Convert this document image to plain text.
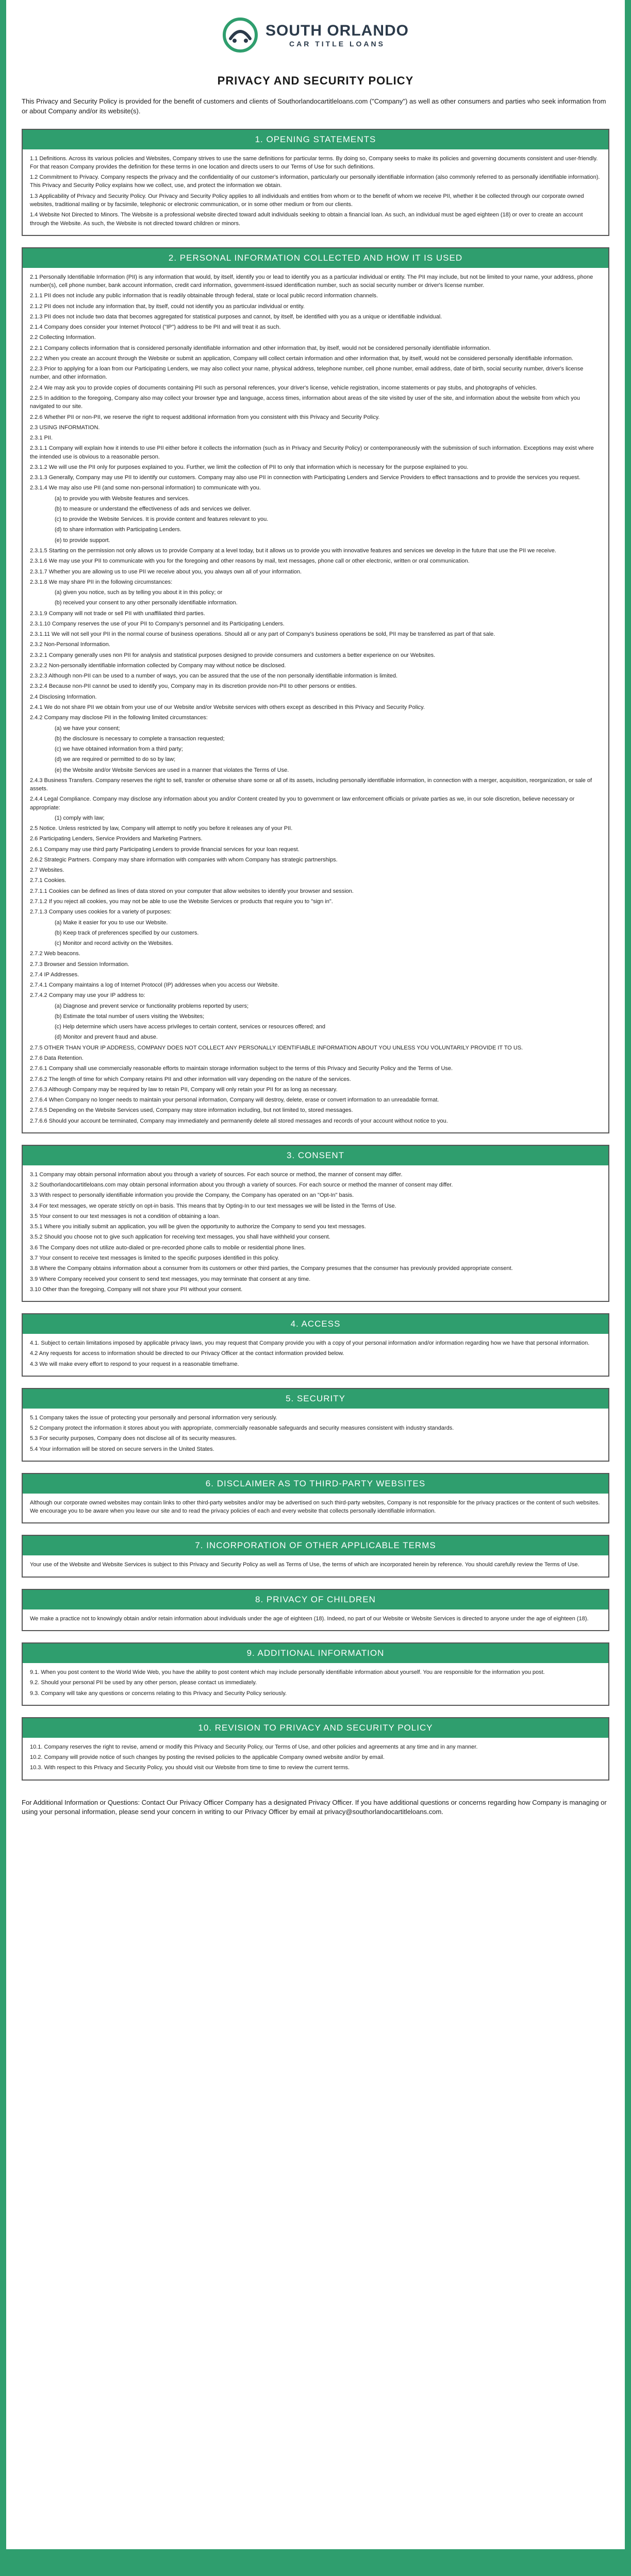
SOUTH ORLANDO
CAR TITLE LOANS
PRIVACY AND SECURITY POLICY

This Privacy and Security Policy is provided for the benefit of customers and clients of Southorlandocartitleloans.com ("Company") as well as other consumers and parties who seek information from or about Company and/or its website(s).

1. OPENING STATEMENTS

1.1 Definitions. Across its various policies and Websites, Company strives to use the same definitions for particular terms. By doing so, Company seeks to make its policies and governing documents consistent and user-friendly. For that reason Company provides the definition for these terms in one location and directs users to our Terms of Use for such definitions.

1.2 Commitment to Privacy. Company respects the privacy and the confidentiality of our customer's information, particularly our personally identifiable information (also commonly referred to as personally identifiable information). This Privacy and Security Policy explains how we collect, use, and protect the information we obtain.

1.3 Applicability of Privacy and Security Policy. Our Privacy and Security Policy applies to all individuals and entities from whom or to the benefit of whom we receive PII, whether it be collected through our corporate owned websites, traditional mailing or by facsimile, telephonic or electronic communication, or in some other medium or from our clients.

1.4 Website Not Directed to Minors. The Website is a professional website directed toward adult individuals seeking to obtain a financial loan. As such, an individual must be aged eighteen (18) or over to create an account through the Website. As such, the Website is not directed toward children or minors.

2. PERSONAL INFORMATION COLLECTED AND HOW IT IS USED

2.1 Personally Identifiable Information (PII) is any information that would, by itself, identify you or lead to identify you as a particular individual or entity. The PII may include, but not be limited to your name, your address, phone number(s), cell phone number, bank account information, credit card information, government-issued identification number, such as social security number or driver's license number.

2.1.1 PII does not include any public information that is readily obtainable through federal, state or local public record information channels.

2.1.2 PII does not include any information that, by itself, could not identify you as particular individual or entity.

2.1.3 PII does not include two data that becomes aggregated for statistical purposes and cannot, by itself, be identified with you as a unique or identifiable individual.

2.1.4 Company does consider your Internet Protocol ("IP") address to be PII and will treat it as such.

2.2 Collecting Information.

2.2.1 Company collects information that is considered personally identifiable information and other information that, by itself, would not be considered personally identifiable information.

2.2.2 When you create an account through the Website or submit an application, Company will collect certain information and other information that, by itself, would not be considered personally identifiable information.

2.2.3 Prior to applying for a loan from our Participating Lenders, we may also collect your name, physical address, telephone number, cell phone number, email address, date of birth, social security number, driver's license number, and other information.

2.2.4 We may ask you to provide copies of documents containing PII such as personal references, your driver's license, vehicle registration, income statements or pay stubs, and photographs of vehicles.

2.2.5 In addition to the foregoing, Company also may collect your browser type and language, access times, information about areas of the site visited by user of the site, and information about the website from which you navigated to our site.

2.2.6 Whether PII or non-PII, we reserve the right to request additional information from you consistent with this Privacy and Security Policy.

2.3 USING INFORMATION.

2.3.1 PII.

2.3.1.1 Company will explain how it intends to use PII either before it collects the information (such as in Privacy and Security Policy) or contemporaneously with the submission of such information. Exceptions may exist where the intended use is obvious to a reasonable person.

2.3.1.2 We will use the PII only for purposes explained to you. Further, we limit the collection of PII to only that information which is necessary for the purpose explained to you.

2.3.1.3 Generally, Company may use PII to identify our customers. Company may also use PII in connection with Participating Lenders and Service Providers to effect transactions and to provide the services you request.

2.3.1.4 We may also use PII (and some non-personal information) to communicate with you.

(a) to provide you with Website features and services.

(b) to measure or understand the effectiveness of ads and services we deliver.

(c) to provide the Website Services. It is provide content and features relevant to you.

(d) to share information with Participating Lenders.

(e) to provide support.

2.3.1.5 Starting on the permission not only allows us to provide Company at a level today, but it allows us to provide you with innovative features and services we develop in the future that use the PII we receive.

2.3.1.6 We may use your PII to communicate with you for the foregoing and other reasons by mail, text messages, phone call or other electronic, written or oral communication.

2.3.1.7 Whether you are allowing us to use PII we receive about you, you always own all of your information.

2.3.1.8 We may share PII in the following circumstances:

(a) given you notice, such as by telling you about it in this policy; or

(b) received your consent to any other personally identifiable information.

2.3.1.9 Company will not trade or sell PII with unaffiliated third parties.

2.3.1.10 Company reserves the use of your PII to Company's personnel and its Participating Lenders.

2.3.1.11 We will not sell your PII in the normal course of business operations. Should all or any part of Company's business operations be sold, PII may be transferred as part of that sale.

2.3.2 Non-Personal Information.

2.3.2.1 Company generally uses non PII for analysis and statistical purposes designed to provide consumers and customers a better experience on our Websites.

2.3.2.2 Non-personally identifiable information collected by Company may without notice be disclosed.

2.3.2.3 Although non-PII can be used to a number of ways, you can be assured that the use of the non personally identifiable information is limited.

2.3.2.4 Because non-PII cannot be used to identify you, Company may in its discretion provide non-PII to other persons or entities.

2.4 Disclosing Information.

2.4.1 We do not share PII we obtain from your use of our Website and/or Website services with others except as described in this Privacy and Security Policy.

2.4.2 Company may disclose PII in the following limited circumstances:

(a) we have your consent;

(b) the disclosure is necessary to complete a transaction requested;

(c) we have obtained information from a third party;

(d) we are required or permitted to do so by law;

(e) the Website and/or Website Services are used in a manner that violates the Terms of Use.

2.4.3 Business Transfers. Company reserves the right to sell, transfer or otherwise share some or all of its assets, including personally identifiable information, in connection with a merger, acquisition, reorganization, or sale of assets.

2.4.4 Legal Compliance. Company may disclose any information about you and/or Content created by you to government or law enforcement officials or private parties as we, in our sole discretion, believe necessary or appropriate:

(1) comply with law;

2.5 Notice. Unless restricted by law, Company will attempt to notify you before it releases any of your PII.

2.6 Participating Lenders, Service Providers and Marketing Partners.

2.6.1 Company may use third party Participating Lenders to provide financial services for your loan request.

2.6.2 Strategic Partners. Company may share information with companies with whom Company has strategic partnerships.

2.7 Websites.

2.7.1 Cookies.

2.7.1.1 Cookies can be defined as lines of data stored on your computer that allow websites to identify your browser and session.

2.7.1.2 If you reject all cookies, you may not be able to use the Website Services or products that require you to "sign in".

2.7.1.3 Company uses cookies for a variety of purposes:

(a) Make it easier for you to use our Website.

(b) Keep track of preferences specified by our customers.

(c) Monitor and record activity on the Websites.

2.7.2 Web beacons.

2.7.3 Browser and Session Information.

2.7.4 IP Addresses.

2.7.4.1 Company maintains a log of Internet Protocol (IP) addresses when you access our Website.

2.7.4.2 Company may use your IP address to:

(a) Diagnose and prevent service or functionality problems reported by users;

(b) Estimate the total number of users visiting the Websites;

(c) Help determine which users have access privileges to certain content, services or resources offered; and

(d) Monitor and prevent fraud and abuse.

2.7.5 OTHER THAN YOUR IP ADDRESS, COMPANY DOES NOT COLLECT ANY PERSONALLY IDENTIFIABLE INFORMATION ABOUT YOU UNLESS YOU VOLUNTARILY PROVIDE IT TO US.

2.7.6 Data Retention.

2.7.6.1 Company shall use commercially reasonable efforts to maintain storage information subject to the terms of this Privacy and Security Policy and the Terms of Use.

2.7.6.2 The length of time for which Company retains PII and other information will vary depending on the nature of the services.

2.7.6.3 Although Company may be required by law to retain PII, Company will only retain your PII for as long as necessary.

2.7.6.4 When Company no longer needs to maintain your personal information, Company will destroy, delete, erase or convert information to an unreadable format.

2.7.6.5 Depending on the Website Services used, Company may store information including, but not limited to, stored messages.

2.7.6.6 Should your account be terminated, Company may immediately and permanently delete all stored messages and records of your account without notice to you.

3. CONSENT

3.1 Company may obtain personal information about you through a variety of sources. For each source or method, the manner of consent may differ.

3.2 Southorlandocartitleloans.com may obtain personal information about you through a variety of sources. For each source or method the manner of consent may differ.

3.3 With respect to personally identifiable information you provide the Company, the Company has operated on an "Opt-In" basis.

3.4 For text messages, we operate strictly on opt-in basis. This means that by Opting-In to our text messages we will be listed in the Terms of Use.

3.5 Your consent to our text messages is not a condition of obtaining a loan.

3.5.1 Where you initially submit an application, you will be given the opportunity to authorize the Company to send you text messages.

3.5.2 Should you choose not to give such application for receiving text messages, you shall have withheld your consent.

3.6 The Company does not utilize auto-dialed or pre-recorded phone calls to mobile or residential phone lines.

3.7 Your consent to receive text messages is limited to the specific purposes identified in this policy.

3.8 Where the Company obtains information about a consumer from its customers or other third parties, the Company presumes that the consumer has previously provided appropriate consent.

3.9 Where Company received your consent to send text messages, you may terminate that consent at any time.

3.10 Other than the foregoing, Company will not share your PII without your consent.

4. ACCESS

4.1. Subject to certain limitations imposed by applicable privacy laws, you may request that Company provide you with a copy of your personal information and/or information regarding how we have that personal information.

4.2 Any requests for access to information should be directed to our Privacy Officer at the contact information provided below.

4.3 We will make every effort to respond to your request in a reasonable timeframe.

5. SECURITY

5.1 Company takes the issue of protecting your personally and personal information very seriously.

5.2 Company protect the information it stores about you with appropriate, commercially reasonable safeguards and security measures consistent with industry standards.

5.3 For security purposes, Company does not disclose all of its security measures.

5.4 Your information will be stored on secure servers in the United States.

6. DISCLAIMER AS TO THIRD-PARTY WEBSITES

Although our corporate owned websites may contain links to other third-party websites and/or may be advertised on such third-party websites, Company is not responsible for the privacy practices or the content of such websites. We encourage you to be aware when you leave our site and to read the privacy policies of each and every website that collects personally identifiable information.

7. INCORPORATION OF OTHER APPLICABLE TERMS

Your use of the Website and Website Services is subject to this Privacy and Security Policy as well as Terms of Use, the terms of which are incorporated herein by reference. You should carefully review the Terms of Use.

8. PRIVACY OF CHILDREN

We make a practice not to knowingly obtain and/or retain information about individuals under the age of eighteen (18). Indeed, no part of our Website or Website Services is directed to anyone under the age of eighteen (18).

9. ADDITIONAL INFORMATION

9.1. When you post content to the World Wide Web, you have the ability to post content which may include personally identifiable information about yourself. You are responsible for the information you post.

9.2. Should your personal PII be used by any other person, please contact us immediately.

9.3. Company will take any questions or concerns relating to this Privacy and Security Policy seriously.

10. REVISION TO PRIVACY AND SECURITY POLICY

10.1. Company reserves the right to revise, amend or modify this Privacy and Security Policy, our Terms of Use, and other policies and agreements at any time and in any manner.

10.2. Company will provide notice of such changes by posting the revised policies to the applicable Company owned website and/or by email.

10.3. With respect to this Privacy and Security Policy, you should visit our Website from time to time to review the current terms.

For Additional Information or Questions: Contact Our Privacy Officer Company has a designated Privacy Officer. If you have additional questions or concerns regarding how Company is managing or using your personal information, please send your concern in writing to our Privacy Officer by email at privacy@southorlandocartitleloans.com.
